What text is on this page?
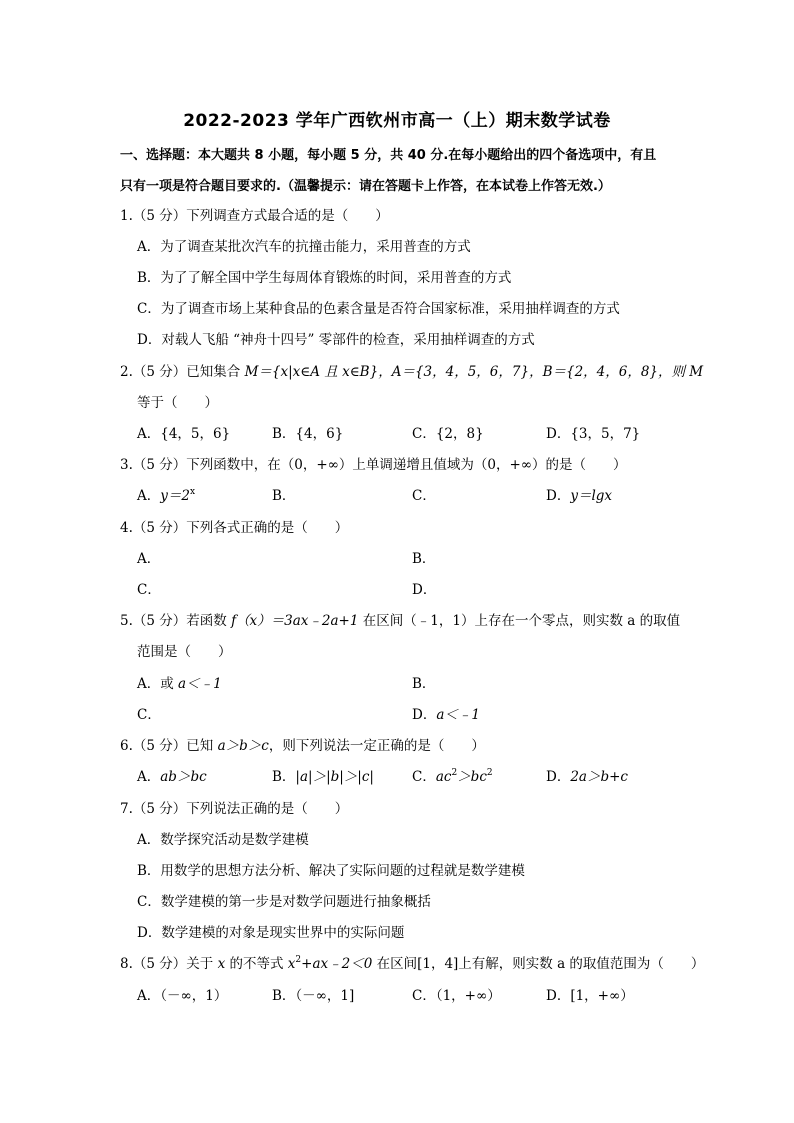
2022-2023 学年广西钦州市高一（上）期末数学试卷
一、选择题：本大题共 8 小题，每小题 5 分，共 40 分.在每小题给出的四个备选项中，有且
只有一项是符合题目要求的.（温馨提示：请在答题卡上作答，在本试卷上作答无效.）
1.（5 分）下列调查方式最合适的是（　　）
A．为了调查某批次汽车的抗撞击能力，采用普查的方式
B．为了了解全国中学生每周体育锻炼的时间，采用普查的方式
C．为了调查市场上某种食品的色素含量是否符合国家标准，采用抽样调查的方式
D．对载人飞船 “神舟十四号” 零部件的检查，采用抽样调查的方式
2.（5 分）已知集合 M＝{x|x∈A 且 x∈B}，A＝{3，4，5，6，7}，B＝{2，4，6，8}，则 M
等于（　　）
A．{4，5，6}	B．{4，6}	C．{2，8}	D．{3，5，7}
3.（5 分）下列函数中，在（0，+∞）上单调递增且值域为（0，+∞）的是（　　）
A．$y=2^x$	B．	C．	D．y＝lgx
4.（5 分）下列各式正确的是（　　）
A．	B．
C．	D．
5.（5 分）若函数 f（x）＝3ax﹣2a+1 在区间（﹣1，1）上存在一个零点，则实数 a 的取值
范围是（　　）
A．或 a＜﹣1	B．
C．	D．a＜﹣1
6.（5 分）已知 a＞b＞c，则下列说法一定正确的是（　　）
A．ab＞bc	B．|a|＞|b|＞|c|	C．$ac^2>bc^2$	D．2a＞b+c
7.（5 分）下列说法正确的是（　　）
A．数学探究活动是数学建模
B．用数学的思想方法分析、解决了实际问题的过程就是数学建模
C．数学建模的第一步是对数学问题进行抽象概括
D．数学建模的对象是现实世界中的实际问题
8.（5 分）关于 x 的不等式 $x^2+ax﹣2<0$ 在区间[1，4]上有解，则实数 a 的取值范围为（　　）
A．（－∞，1）	B．（－∞，1]	C．（1，+∞）	D．[1，+∞）
